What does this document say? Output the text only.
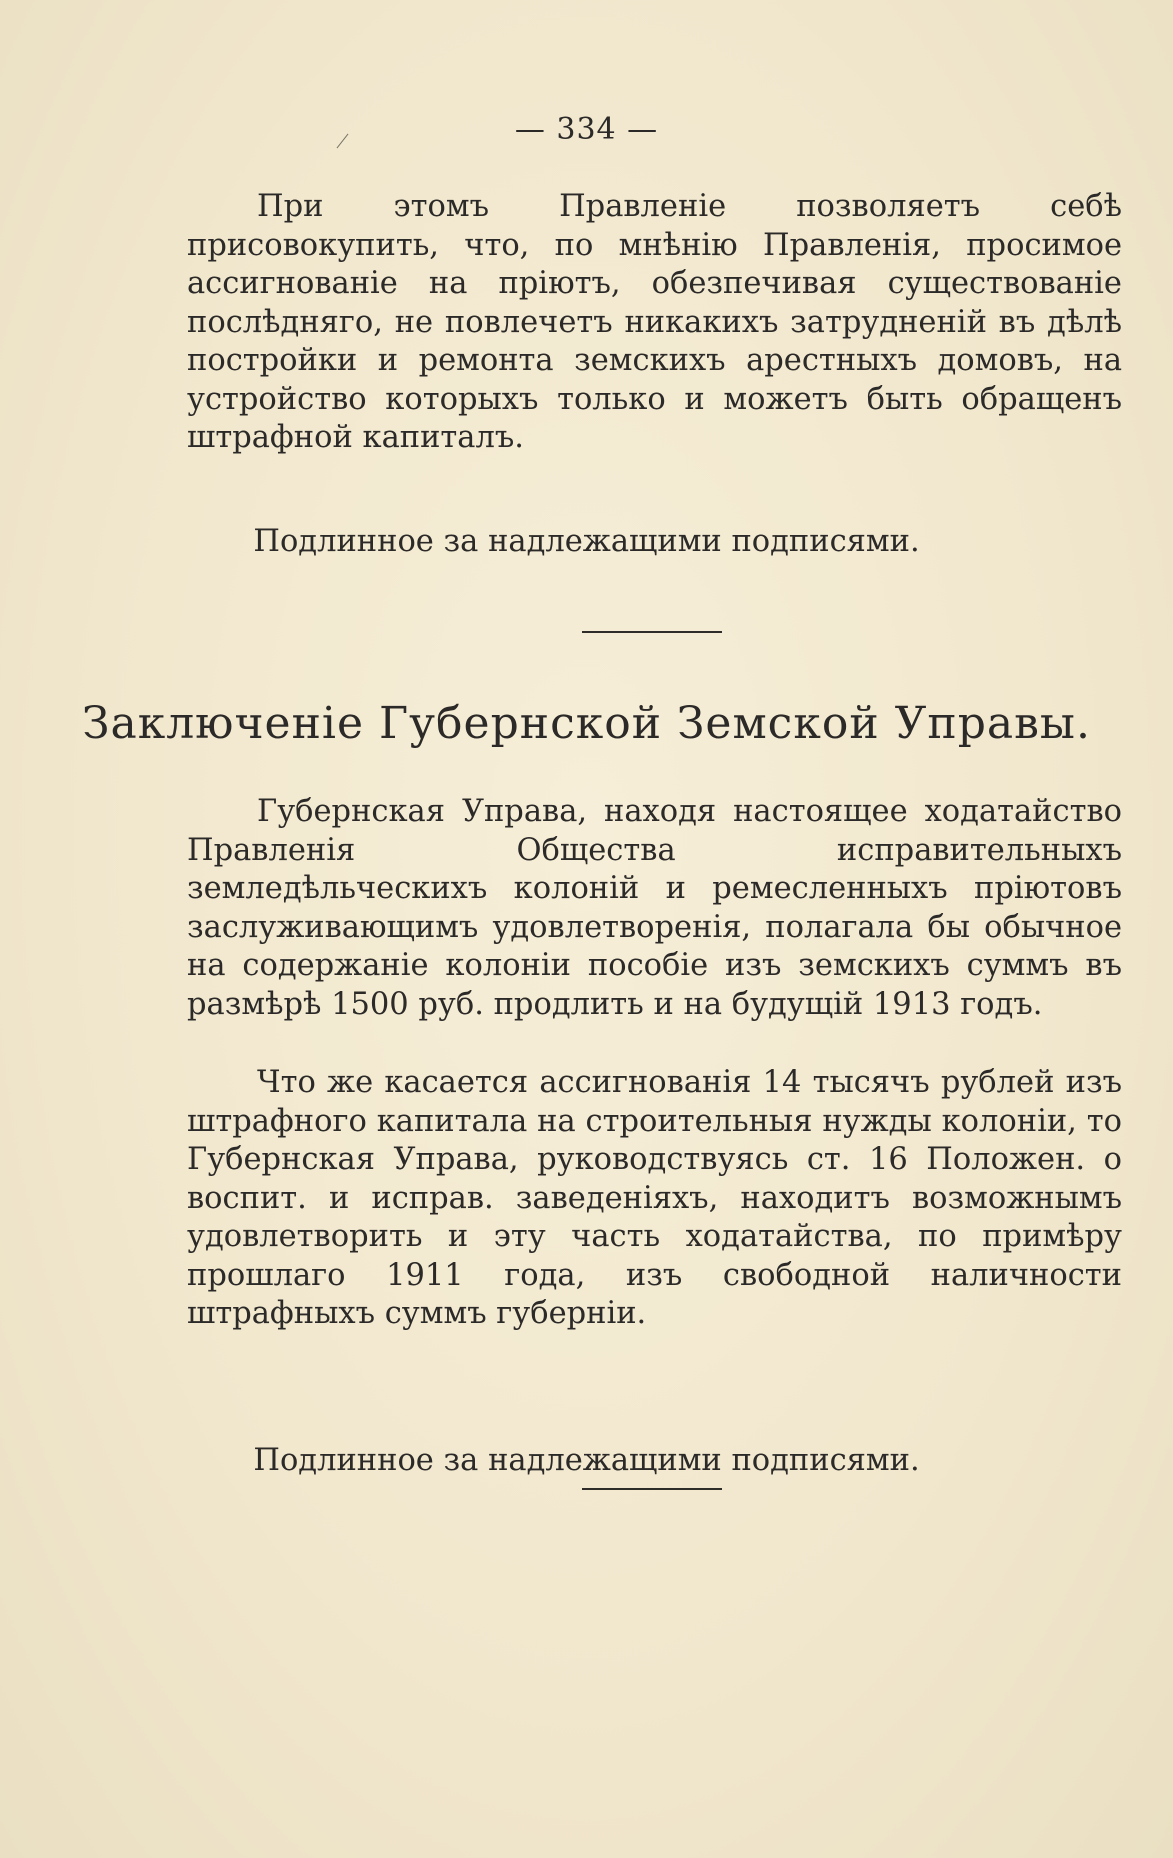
— 334 —

При этомъ Правленіе позволяетъ себѣ присовокупить, что, по мнѣнію Правленія, просимое ассигнованіе на пріютъ, обезпечивая существованіе послѣдняго, не повлечетъ никакихъ затрудненій въ дѣлѣ постройки и ремонта земскихъ арестныхъ домовъ, на устройство которыхъ только и можетъ быть обращенъ штрафной капиталъ.

Подлинное за надлежащими подписями.
Заключеніе Губернской Земской Управы.

Губернская Управа, находя настоящее ходатайство Правленія Общества исправительныхъ земледѣльческихъ колоній и ремесленныхъ пріютовъ заслуживающимъ удовлетворенія, полагала бы обычное на содержаніе колоніи пособіе изъ земскихъ суммъ въ размѣрѣ 1500 руб. продлить и на будущій 1913 годъ.

Что же касается ассигнованія 14 тысячъ рублей изъ штрафного капитала на строительныя нужды колоніи, то Губернская Управа, руководствуясь ст. 16 Положен. о воспит. и исправ. заведеніяхъ, находитъ возможнымъ удовлетворить и эту часть ходатайства, по примѣру прошлаго 1911 года, изъ свободной наличности штрафныхъ суммъ губерніи.

Подлинное за надлежащими подписями.
